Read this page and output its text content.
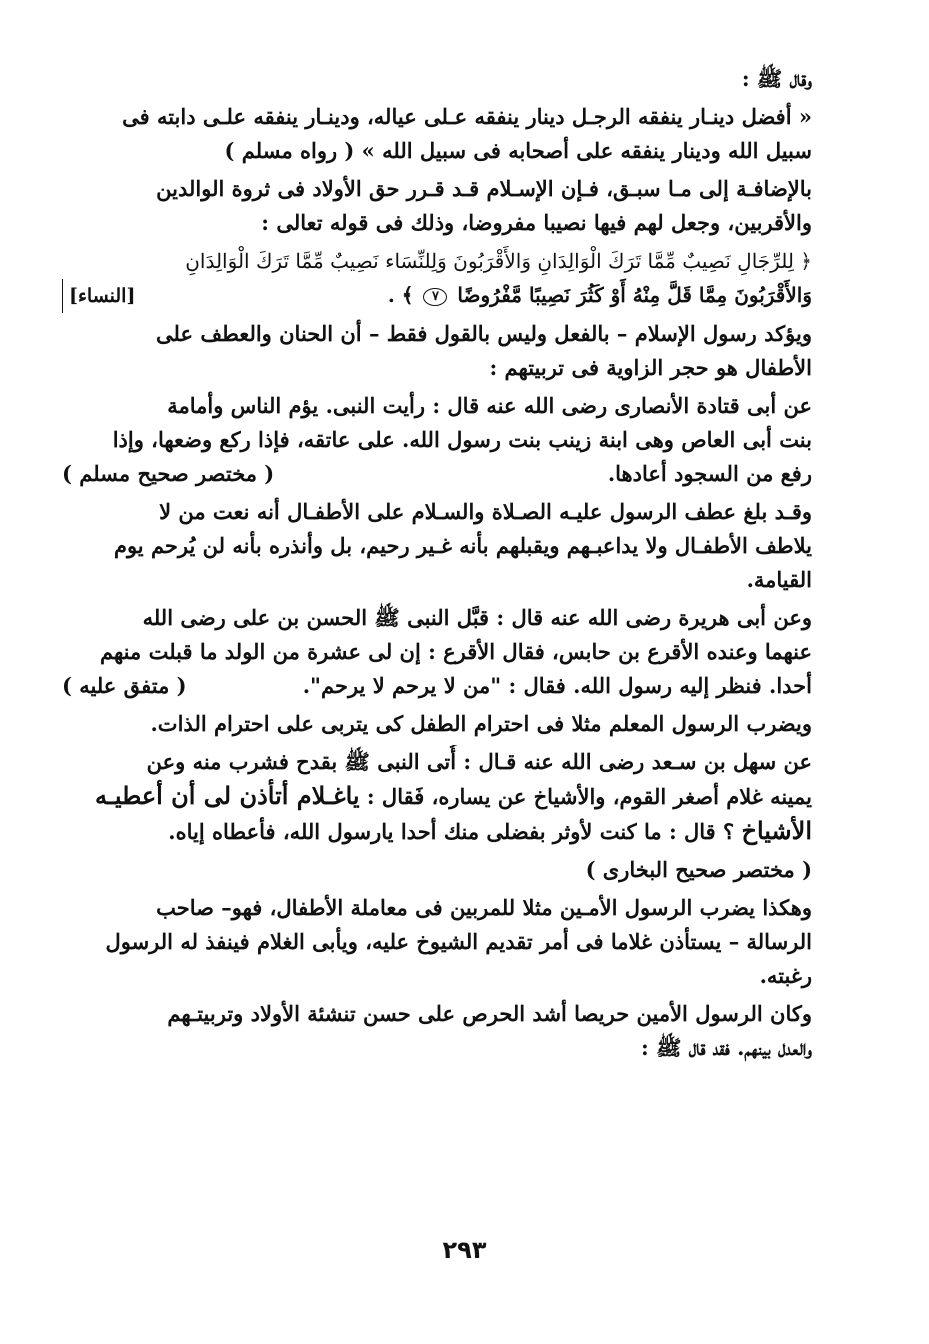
وقال ﷺ :
« أفضل دينـار ينفقه الرجـل دينار ينفقه عـلى عياله، ودينـار ينفقه علـى دابته فى
سبيل الله ودينار ينفقه على أصحابه فى سبيل الله » ( رواه مسلم )
بالإضافـة إلى مـا سبـق، فـإن الإسـلام قـد قـرر حق الأولاد فى ثروة الوالدين
والأقربين، وجعل لهم فيها نصيبا مفروضا، وذلك فى قوله تعالى :
﴿ لِلرِّجَالِ نَصِيبٌ مِّمَّا تَرَكَ الْوَالِدَانِ وَالأَقْرَبُونَ وَلِلنِّسَاء نَصِيبٌ مِّمَّا تَرَكَ الْوَالِدَانِ
وَالأَقْرَبُونَ مِمَّا قَلَّ مِنْهُ أَوْ كَثُرَ نَصِيبًا مَّفْرُوضًا ٧ ﴾ .
[النساء]
ويؤكد رسول الإسلام – بالفعل وليس بالقول فقط – أن الحنان والعطف على
الأطفال هو حجر الزاوية فى تربيتهم :
عن أبى قتادة الأنصارى رضى الله عنه قال : رأيت النبى. يؤم الناس وأمامة
بنت أبى العاص وهى ابنة زينب بنت رسول الله. على عاتقه، فإذا ركع وضعها، وإذا
رفع من السجود أعادها.
( مختصر صحيح مسلم )
وقـد بلغ عطف الرسول عليـه الصـلاة والسـلام على الأطفـال أنه نعت من لا
يلاطف الأطفـال ولا يداعبـهم ويقبلهم بأنه غـير رحيم، بل وأنذره بأنه لن يُرحم يوم
القيامة.
وعن أبى هريرة رضى الله عنه قال : قبَّل النبى ﷺ الحسن بن على رضى الله
عنهما وعنده الأقرع بن حابس، فقال الأقرع : إن لى عشرة من الولد ما قبلت منهم
أحدا. فنظر إليه رسول الله. فقال : "من لا يرحم لا يرحم".
( متفق عليه )
ويضرب الرسول المعلم مثلا فى احترام الطفل كى يتربى على احترام الذات.
عن سهل بن سـعد رضى الله عنه قـال : أُتى النبى ﷺ بقدح فشرب منه وعن
يمينه غلام أصغر القوم، والأشياخ عن يساره، فَقال : ياغـلام أتأذن لى أن أعطيـه
الأشياخ ؟ قال : ما كنت لأوثر بفضلى منك أحدا يارسول الله، فأعطاه إياه.
( مختصر صحيح البخارى )
وهكذا يضرب الرسول الأمـين مثلا للمربين فى معاملة الأطفال، فهو– صاحب
الرسالة – يستأذن غلاما فى أمر تقديم الشيوخ عليه، ويأبى الغلام فينفذ له الرسول
رغبته.
وكان الرسول الأمين حريصا أشد الحرص على حسن تنشئة الأولاد وتربيتـهم
والعدل بينهم. فقد قال ﷺ :
٢٩٣
